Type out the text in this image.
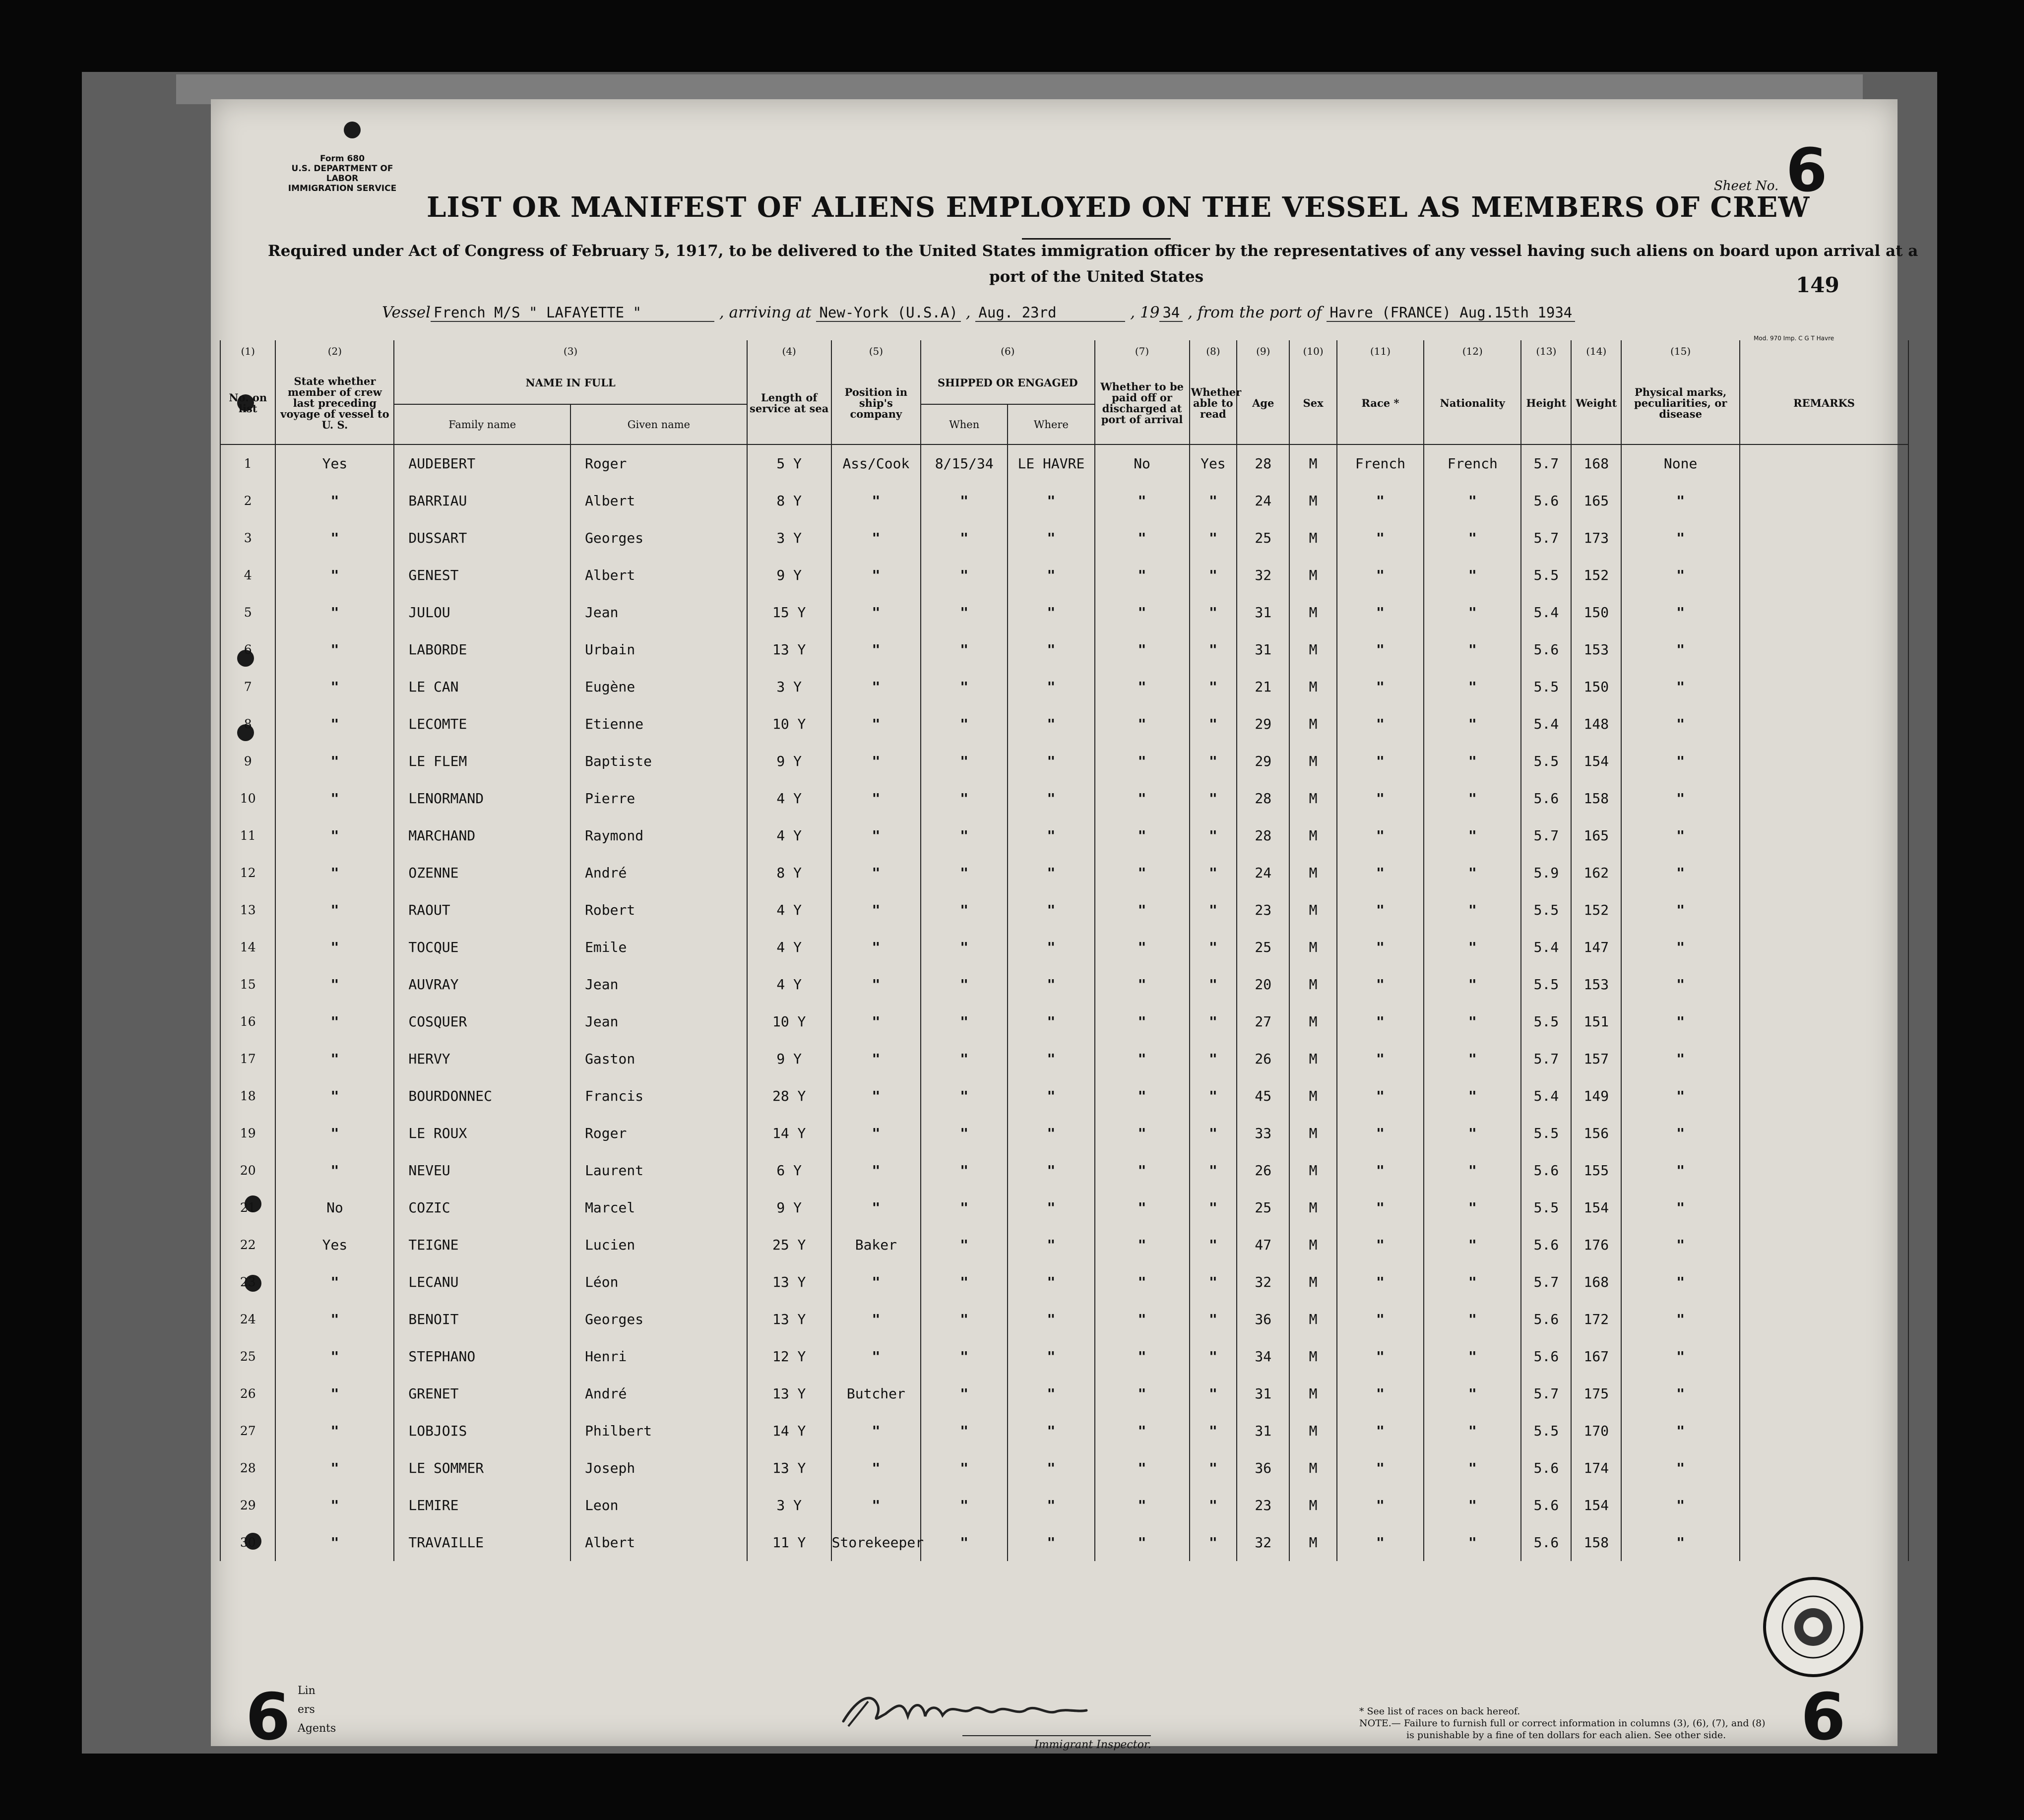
Form 680
U.S. DEPARTMENT OF LABOR
IMMIGRATION SERVICE	Sheet No. 6
LIST OR MANIFEST OF ALIENS EMPLOYED ON THE VESSEL AS MEMBERS OF CREW
Required under Act of Congress of February 5, 1917, to be delivered to the United States immigration officer by the representatives of any vessel having such aliens on board upon arrival at a
port of the United States	149
Vessel French M/S " LAFAYETTE "	, arriving at New-York (U.S.A) , Aug. 23rd	, 19 34 , from the port of Havre (FRANCE) Aug.15th 1934
Mod. 970 Imp. C G T Havre
(1)	(2)	(3)		(4)	(5)	(6)		(7)	(8)	(9)	(10)	(11)	(12)	(13)	(14)	(15)	
No. on list	State whether member of crew last preceding voyage of vessel to U. S.	NAME IN FULL		Length of service at sea	Position in ship's company	SHIPPED OR ENGAGED		Whether to be paid off or discharged at port of arrival	Whether able to read	Age	Sex	Race *	Nationality	Height	Weight	Physical marks, peculiarities, or disease	REMARKS
		Family name	Given name			When	Where										
1	Yes	AUDEBERT	Roger	5 Y	Ass/Cook	8/15/34	LE HAVRE	No	Yes	28	M	French	French	5.7	168	None	
2	"	BARRIAU	Albert	8 Y	"	"	"	"	"	24	M	"	"	5.6	165	"	
3	"	DUSSART	Georges	3 Y	"	"	"	"	"	25	M	"	"	5.7	173	"	
4	"	GENEST	Albert	9 Y	"	"	"	"	"	32	M	"	"	5.5	152	"	
5	"	JULOU	Jean	15 Y	"	"	"	"	"	31	M	"	"	5.4	150	"	
6	"	LABORDE	Urbain	13 Y	"	"	"	"	"	31	M	"	"	5.6	153	"	
7	"	LE CAN	Eugène	3 Y	"	"	"	"	"	21	M	"	"	5.5	150	"	
8	"	LECOMTE	Etienne	10 Y	"	"	"	"	"	29	M	"	"	5.4	148	"	
9	"	LE FLEM	Baptiste	9 Y	"	"	"	"	"	29	M	"	"	5.5	154	"	
10	"	LENORMAND	Pierre	4 Y	"	"	"	"	"	28	M	"	"	5.6	158	"	
11	"	MARCHAND	Raymond	4 Y	"	"	"	"	"	28	M	"	"	5.7	165	"	
12	"	OZENNE	André	8 Y	"	"	"	"	"	24	M	"	"	5.9	162	"	
13	"	RAOUT	Robert	4 Y	"	"	"	"	"	23	M	"	"	5.5	152	"	
14	"	TOCQUE	Emile	4 Y	"	"	"	"	"	25	M	"	"	5.4	147	"	
15	"	AUVRAY	Jean	4 Y	"	"	"	"	"	20	M	"	"	5.5	153	"	
16	"	COSQUER	Jean	10 Y	"	"	"	"	"	27	M	"	"	5.5	151	"	
17	"	HERVY	Gaston	9 Y	"	"	"	"	"	26	M	"	"	5.7	157	"	
18	"	BOURDONNEC	Francis	28 Y	"	"	"	"	"	45	M	"	"	5.4	149	"	
19	"	LE ROUX	Roger	14 Y	"	"	"	"	"	33	M	"	"	5.5	156	"	
20	"	NEVEU	Laurent	6 Y	"	"	"	"	"	26	M	"	"	5.6	155	"	
21	No	COZIC	Marcel	9 Y	"	"	"	"	"	25	M	"	"	5.5	154	"	
22	Yes	TEIGNE	Lucien	25 Y	Baker	"	"	"	"	47	M	"	"	5.6	176	"	
23	"	LECANU	Léon	13 Y	"	"	"	"	"	32	M	"	"	5.7	168	"	
24	"	BENOIT	Georges	13 Y	"	"	"	"	"	36	M	"	"	5.6	172	"	
25	"	STEPHANO	Henri	12 Y	"	"	"	"	"	34	M	"	"	5.6	167	"	
26	"	GRENET	André	13 Y	Butcher	"	"	"	"	31	M	"	"	5.7	175	"	
27	"	LOBJOIS	Philbert	14 Y	"	"	"	"	"	31	M	"	"	5.5	170	"	
28	"	LE SOMMER	Joseph	13 Y	"	"	"	"	"	36	M	"	"	5.6	174	"	
29	"	LEMIRE	Leon	3 Y	"	"	"	"	"	23	M	"	"	5.6	154	"	
30	"	TRAVAILLE	Albert	11 Y	Storekeeper	"	"	"	"	32	M	"	"	5.6	158	"	
6	6
Lin
ers
Agents
Immigrant Inspector.
* See list of races on back hereof.
NOTE.— Failure to furnish full or correct information in columns (3), (6), (7), and (8)
is punishable by a fine of ten dollars for each alien. See other side.
